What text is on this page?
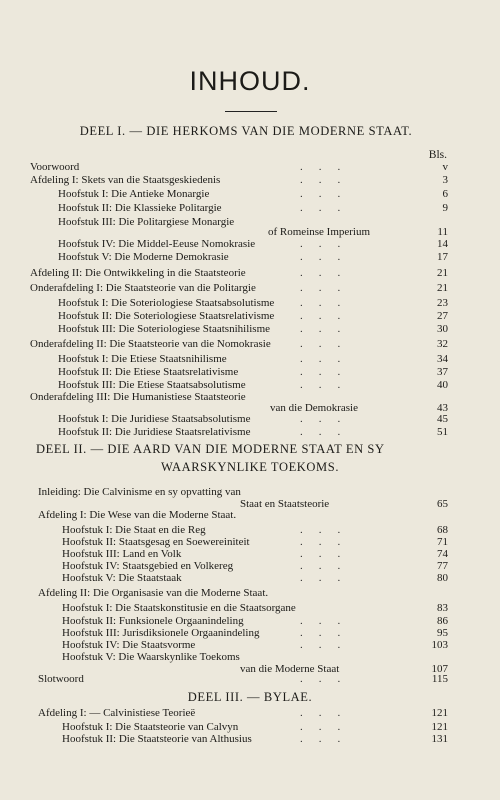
INHOUD.
DEEL I. — DIE HERKOMS VAN DIE MODERNE STAAT.
Bls.
DEEL II. — DIE AARD VAN DIE MODERNE STAAT EN SY
WAARSKYNLIKE TOEKOMS.
DEEL III. — BYLAE.
Voorwoord	.    .    .	v
Afdeling I: Skets van die Staatsgeskiedenis	.    .    .	3
Hoofstuk I: Die Antieke Monargie	.    .    .	6
Hoofstuk II: Die Klassieke Politargie	.    .    .	9
Hoofstuk III: Die Politargiese Monargie
of Romeinse Imperium	11
Hoofstuk IV: Die Middel-Eeuse Nomokrasie	.    .    .	14
Hoofstuk V: Die Moderne Demokrasie	.    .    .	17
Afdeling II: Die Ontwikkeling in die Staatsteorie	.    .    .	21
Onderafdeling I: Die Staatsteorie van die Politargie	.    .    .	21
Hoofstuk I: Die Soteriologiese Staatsabsolutisme .    .    .	23
Hoofstuk II: Die Soteriologiese Staatsrelativisme .    .    .	27
Hoofstuk III: Die Soteriologiese Staatsnihilisme	.    .    .	30
Onderafdeling II: Die Staatsteorie van die Nomokrasie	.    .    .	32
Hoofstuk I: Die Etiese Staatsnihilisme	.    .    .	34
Hoofstuk II: Die Etiese Staatsrelativisme	.    .    .	37
Hoofstuk III: Die Etiese Staatsabsolutisme	.    .    .	40
Onderafdeling III: Die Humanistiese Staatsteorie
van die Demokrasie	43
Hoofstuk I: Die Juridiese Staatsabsolutisme	.    .    .	45
Hoofstuk II: Die Juridiese Staatsrelativisme	.    .    .	51
Inleiding: Die Calvinisme en sy opvatting van
Staat en Staatsteorie	65
Afdeling I: Die Wese van die Moderne Staat.
Hoofstuk I: Die Staat en die Reg	.    .    .	68
Hoofstuk II: Staatsgesag en Soewereiniteit	.    .    .	71
Hoofstuk III: Land en Volk	.    .    .	74
Hoofstuk IV: Staatsgebied en Volkereg	.    .    .	77
Hoofstuk V: Die Staatstaak	.    .    .	80
Afdeling II: Die Organisasie van die Moderne Staat.
Hoofstuk I: Die Staatskonstitusie en die Staatsorgane	83
Hoofstuk II: Funksionele Orgaanindeling	.    .    .	86
Hoofstuk III: Jurisdiksionele Orgaanindeling	.    .    .	95
Hoofstuk IV: Die Staatsvorme	.    .    .	103
Hoofstuk V: Die Waarskynlike Toekoms
van die Moderne Staat	107
Slotwoord	.    .    .	115
Afdeling I: — Calvinistiese Teorieë	.    .    .	121
Hoofstuk I: Die Staatsteorie van Calvyn	.    .    .	121
Hoofstuk II: Die Staatsteorie van Althusius	.    .    .	131
